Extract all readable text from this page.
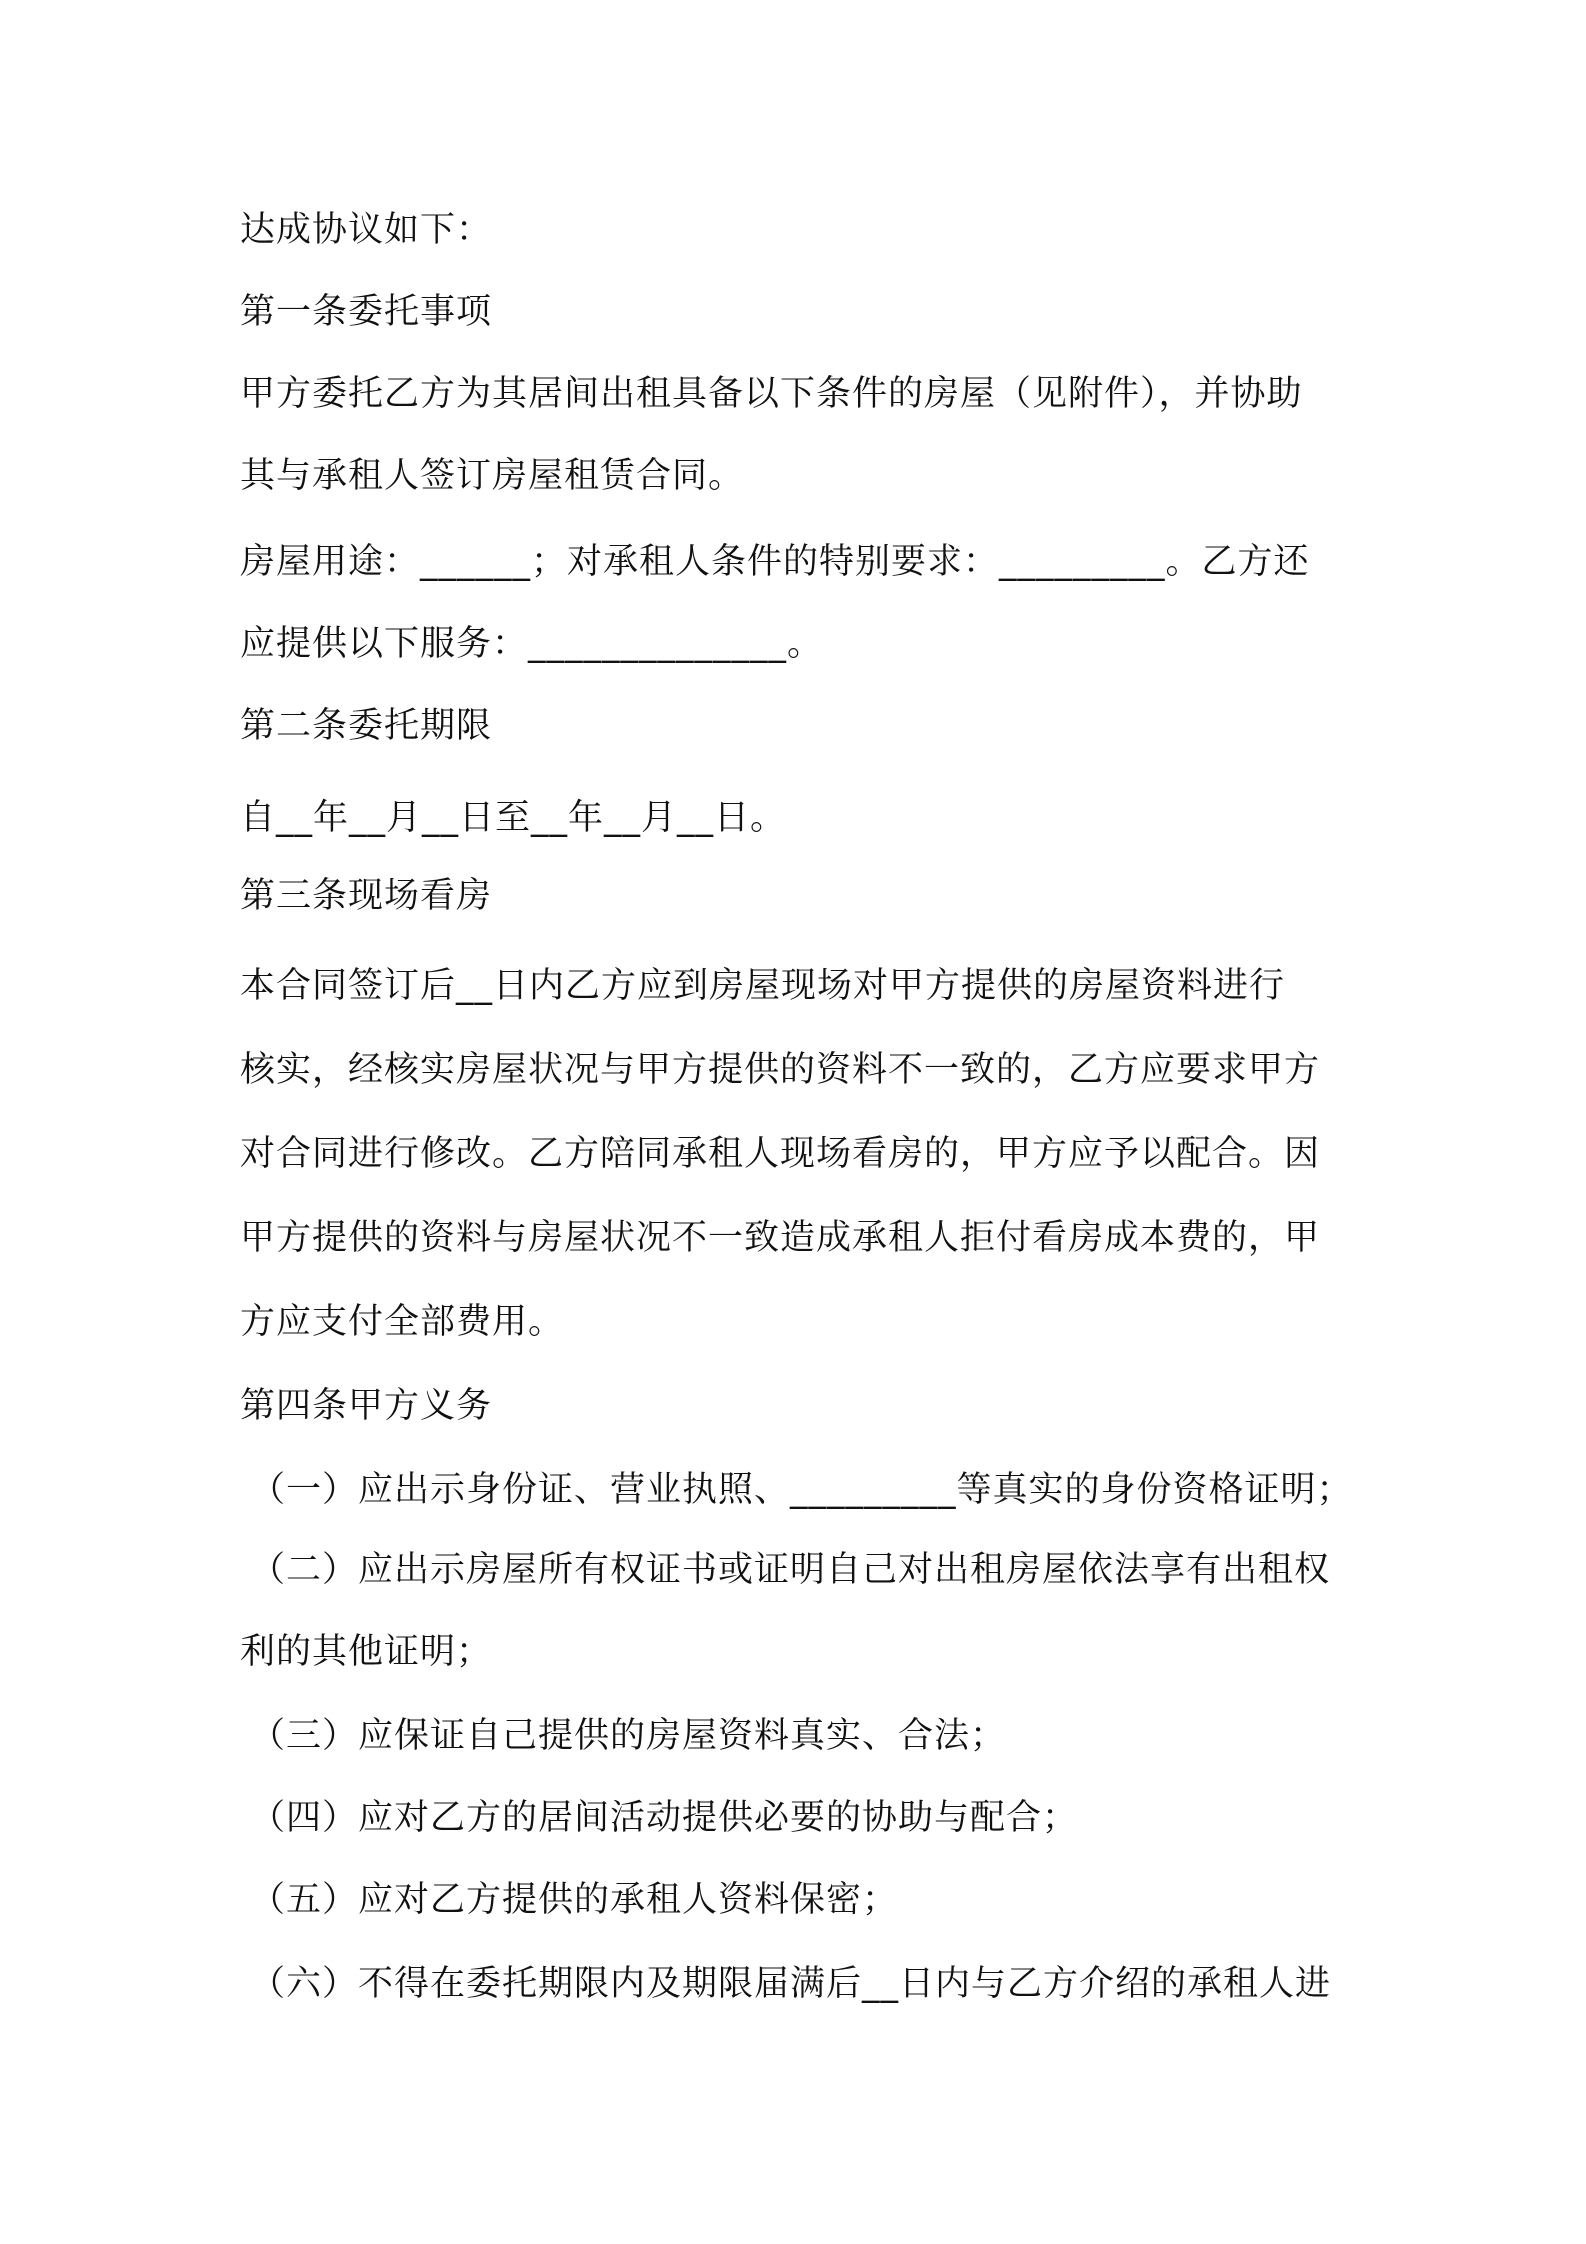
达成协议如下：
第一条委托事项
甲方委托乙方为其居间出租具备以下条件的房屋（见附件），并协助
其与承租人签订房屋租赁合同。
房屋用途：______；对承租人条件的特别要求：_________。乙方还
应提供以下服务：______________。
第二条委托期限
自__年__月__日至__年__月__日。
第三条现场看房
本合同签订后__日内乙方应到房屋现场对甲方提供的房屋资料进行
核实，经核实房屋状况与甲方提供的资料不一致的，乙方应要求甲方
对合同进行修改。乙方陪同承租人现场看房的，甲方应予以配合。因
甲方提供的资料与房屋状况不一致造成承租人拒付看房成本费的，甲
方应支付全部费用。
第四条甲方义务
（一）应出示身份证、营业执照、_________等真实的身份资格证明；
（二）应出示房屋所有权证书或证明自己对出租房屋依法享有出租权
利的其他证明；
（三）应保证自己提供的房屋资料真实、合法；
（四）应对乙方的居间活动提供必要的协助与配合；
（五）应对乙方提供的承租人资料保密；
（六）不得在委托期限内及期限届满后__日内与乙方介绍的承租人进
